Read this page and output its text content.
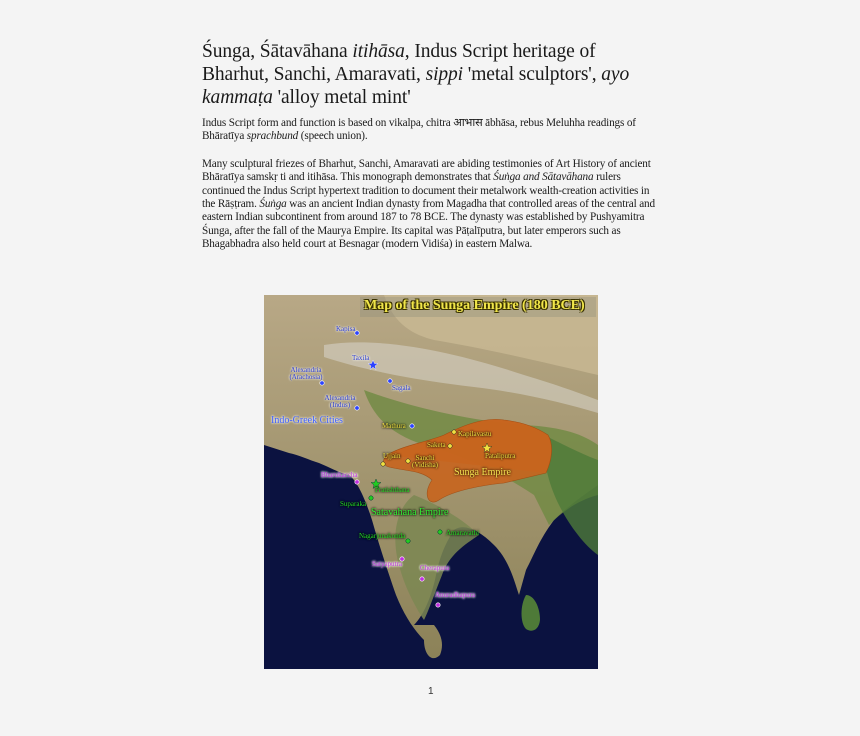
Śunga, Śātavāhana itihāsa, Indus Script heritage of Bharhut, Sanchi, Amaravati, sippi 'metal sculptors', ayo kammaṭa 'alloy metal mint'

Indus Script form and function is based on vikalpa, chitra आभास ābhāsa, rebus Meluhha readings of Bhāratīya sprachbund (speech union).

Many sculptural friezes of Bharhut, Sanchi, Amaravati are abiding testimonies of Art History of ancient Bhāratīya samskṛ ti and itihāsa. This monograph demonstrates that Śuṅga and Sātavāhana rulers continued the Indus Script hypertext tradition to document their metalwork wealth-creation activities in the Rāṣṭram. Śuṅga was an ancient Indian dynasty from Magadha that controlled areas of the central and eastern Indian subcontinent from around 187 to 78 BCE. The dynasty was established by Pushyamitra Śunga, after the fall of the Maurya Empire. Its capital was Pāṭalīputra, but later emperors such as Bhagabhadra also held court at Besnagar (modern Vidiśa) in eastern Malwa.

Map of the Sunga Empire (180 BCE)
Kapisa
Taxila
Alexandria (Arachosia)
Sagala
Alexandria (Indus)
Indo-Greek Cities	Mathura
Kapilavastu
Saketa
Pataliputra
Ujjain	Sanchi (Vidisha)
Sunga Empire
Bharukaccha
Pratishthana
Suparaka
Satavahana Empire
Amaravathi
Nagarjunakonda
Satyaputra	Cherapura
Anuradhapura
1
